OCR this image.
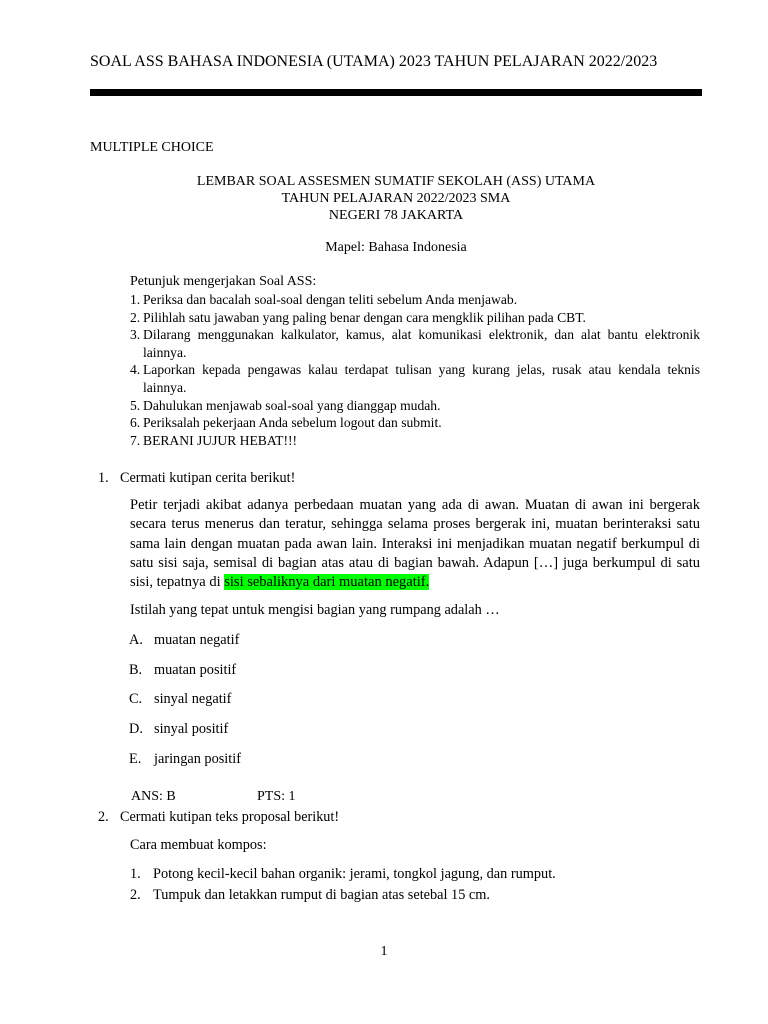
SOAL ASS BAHASA INDONESIA (UTAMA) 2023 TAHUN PELAJARAN 2022/2023
MULTIPLE CHOICE
LEMBAR SOAL ASSESMEN SUMATIF SEKOLAH (ASS) UTAMA
TAHUN PELAJARAN 2022/2023 SMA
NEGERI 78 JAKARTA
Mapel: Bahasa Indonesia
Petunjuk mengerjakan Soal ASS:
1. Periksa dan bacalah soal-soal dengan teliti sebelum Anda menjawab.
2. Pilihlah satu jawaban yang paling benar dengan cara mengklik pilihan pada CBT.
3. Dilarang menggunakan kalkulator, kamus, alat komunikasi elektronik, dan alat bantu elektronik lainnya.
4. Laporkan kepada pengawas kalau terdapat tulisan yang kurang jelas, rusak atau kendala teknis lainnya.
5. Dahulukan menjawab soal-soal yang dianggap mudah.
6. Periksalah pekerjaan Anda sebelum logout dan submit.
7. BERANI JUJUR HEBAT!!!
1. Cermati kutipan cerita berikut!
Petir terjadi akibat adanya perbedaan muatan yang ada di awan. Muatan di awan ini bergerak secara terus menerus dan teratur, sehingga selama proses bergerak ini, muatan berinteraksi satu sama lain dengan muatan pada awan lain. Interaksi ini menjadikan muatan negatif berkumpul di satu sisi saja, semisal di bagian atas atau di bagian bawah. Adapun […] juga berkumpul di satu sisi, tepatnya di sisi sebaliknya dari muatan negatif.
Istilah yang tepat untuk mengisi bagian yang rumpang adalah …
A. muatan negatif
B. muatan positif
C. sinyal negatif
D. sinyal positif
E. jaringan positif
ANS: B	PTS: 1
2. Cermati kutipan teks proposal berikut!
Cara membuat kompos:
1. Potong kecil-kecil bahan organik: jerami, tongkol jagung, dan rumput.
2. Tumpuk dan letakkan rumput di bagian atas setebal 15 cm.
1
